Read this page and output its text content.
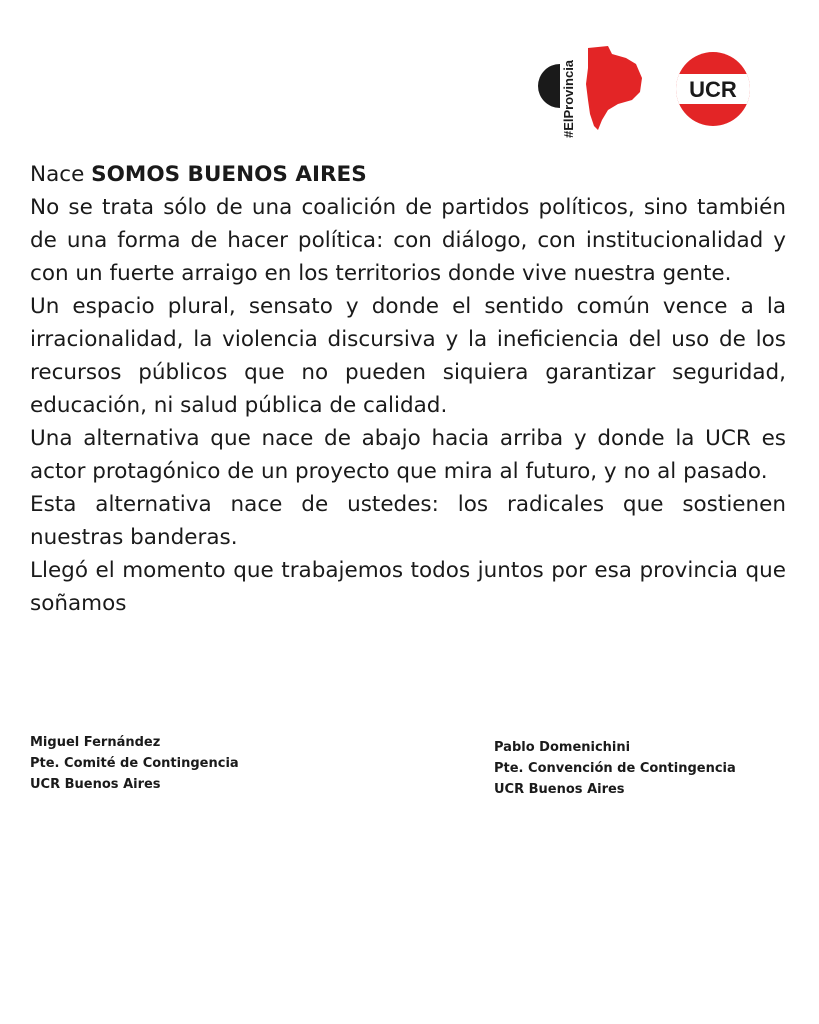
#ElProvincia	UCR

Nace SOMOS BUENOS AIRES

No se trata sólo de una coalición de partidos políticos, sino también de una forma de hacer política: con diálogo, con institucionalidad y con un fuerte arraigo en los territorios donde vive nuestra gente.

Un espacio plural, sensato y donde el sentido común vence a la irracionalidad, la violencia discursiva y la ineficiencia del uso de los recursos públicos que no pueden siquiera garantizar seguridad, educación, ni salud pública de calidad.

Una alternativa que nace de abajo hacia arriba y donde la UCR es actor protagónico de un proyecto que mira al futuro, y no al pasado.

Esta alternativa nace de ustedes: los radicales que sostienen nuestras banderas.

Llegó el momento que trabajemos todos juntos por esa provincia que soñamos

Miguel Fernández
Pte. Comité de Contingencia
UCR Buenos Aires
Pablo Domenichini
Pte. Convención de Contingencia
UCR Buenos Aires
